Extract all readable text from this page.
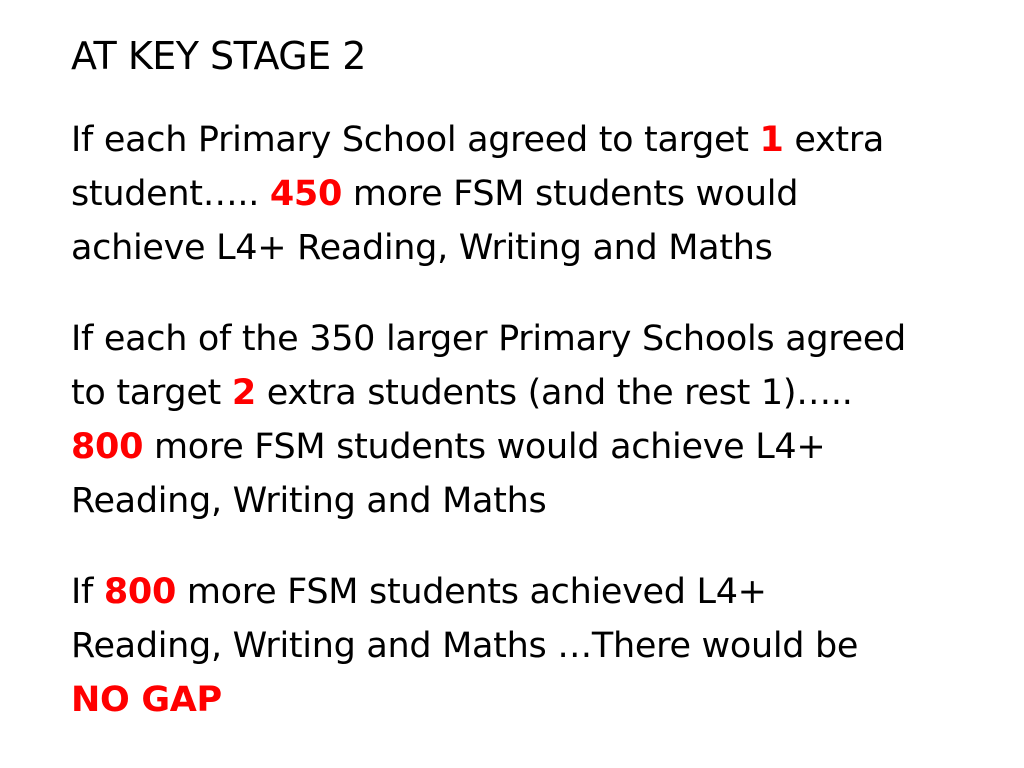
AT KEY STAGE 2
If each Primary School agreed to target 1 extra
student….. 450 more FSM students would
achieve L4+ Reading, Writing and Maths
If each of the 350 larger Primary Schools agreed
to target 2 extra students (and the rest 1)…..
800 more FSM students would achieve L4+
Reading, Writing and Maths
If 800 more FSM students achieved L4+
Reading, Writing and Maths …There would be
NO GAP
